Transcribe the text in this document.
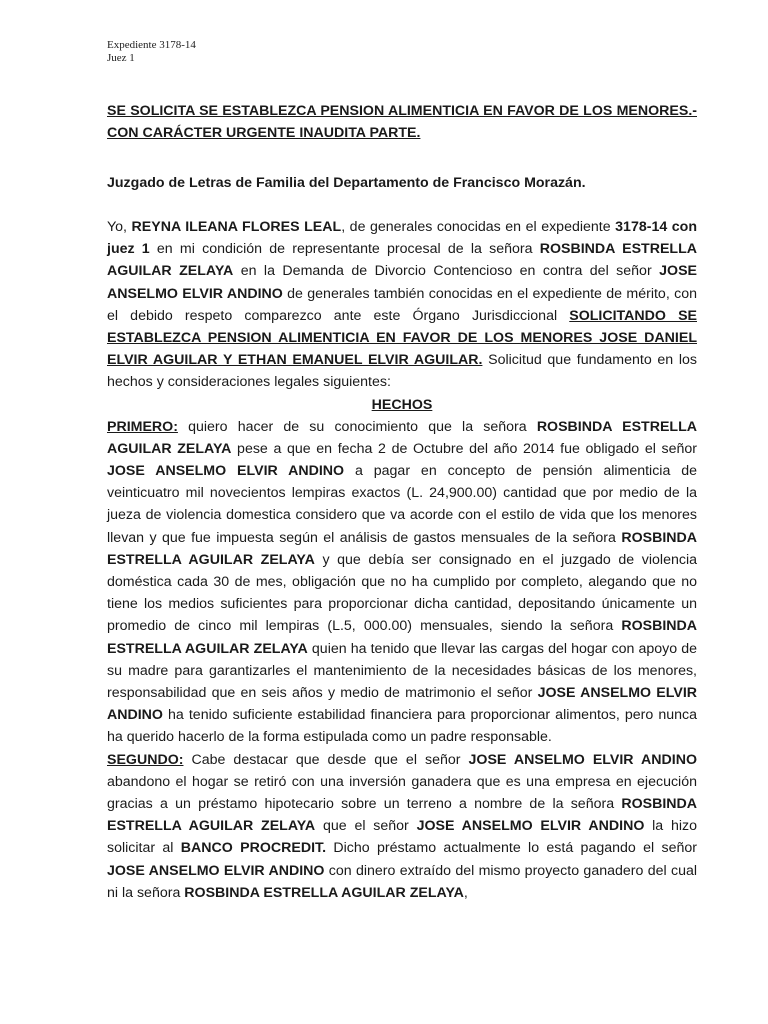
Expediente 3178-14
Juez 1

SE SOLICITA SE ESTABLEZCA PENSION ALIMENTICIA EN FAVOR DE LOS MENORES.- CON CARÁCTER URGENTE INAUDITA PARTE.

Juzgado de Letras de Familia del Departamento de Francisco Morazán.

Yo, REYNA ILEANA FLORES LEAL, de generales conocidas en el expediente 3178-14 con juez 1 en mi condición de representante procesal de la señora ROSBINDA ESTRELLA AGUILAR ZELAYA en la Demanda de Divorcio Contencioso en contra del señor JOSE ANSELMO ELVIR ANDINO de generales también conocidas en el expediente de mérito, con el debido respeto comparezco ante este Órgano Jurisdiccional SOLICITANDO SE ESTABLEZCA PENSION ALIMENTICIA EN FAVOR DE LOS MENORES JOSE DANIEL ELVIR AGUILAR Y ETHAN EMANUEL ELVIR AGUILAR. Solicitud que fundamento en los hechos y consideraciones legales siguientes:

HECHOS

PRIMERO: quiero hacer de su conocimiento que la señora ROSBINDA ESTRELLA AGUILAR ZELAYA pese a que en fecha 2 de Octubre del año 2014 fue obligado el señor JOSE ANSELMO ELVIR ANDINO a pagar en concepto de pensión alimenticia de veinticuatro mil novecientos lempiras exactos (L. 24,900.00) cantidad que por medio de la jueza de violencia domestica considero que va acorde con el estilo de vida que los menores llevan y que fue impuesta según el análisis de gastos mensuales de la señora ROSBINDA ESTRELLA AGUILAR ZELAYA y que debía ser consignado en el juzgado de violencia doméstica cada 30 de mes, obligación que no ha cumplido por completo, alegando que no tiene los medios suficientes para proporcionar dicha cantidad, depositando únicamente un promedio de cinco mil lempiras (L.5, 000.00) mensuales, siendo la señora ROSBINDA ESTRELLA AGUILAR ZELAYA quien ha tenido que llevar las cargas del hogar con apoyo de su madre para garantizarles el mantenimiento de la necesidades básicas de los menores, responsabilidad que en seis años y medio de matrimonio el señor JOSE ANSELMO ELVIR ANDINO ha tenido suficiente estabilidad financiera para proporcionar alimentos, pero nunca ha querido hacerlo de la forma estipulada como un padre responsable.

SEGUNDO: Cabe destacar que desde que el señor JOSE ANSELMO ELVIR ANDINO abandono el hogar se retiró con una inversión ganadera que es una empresa en ejecución gracias a un préstamo hipotecario sobre un terreno a nombre de la señora ROSBINDA ESTRELLA AGUILAR ZELAYA que el señor JOSE ANSELMO ELVIR ANDINO la hizo solicitar al BANCO PROCREDIT. Dicho préstamo actualmente lo está pagando el señor JOSE ANSELMO ELVIR ANDINO con dinero extraído del mismo proyecto ganadero del cual ni la señora ROSBINDA ESTRELLA AGUILAR ZELAYA,
